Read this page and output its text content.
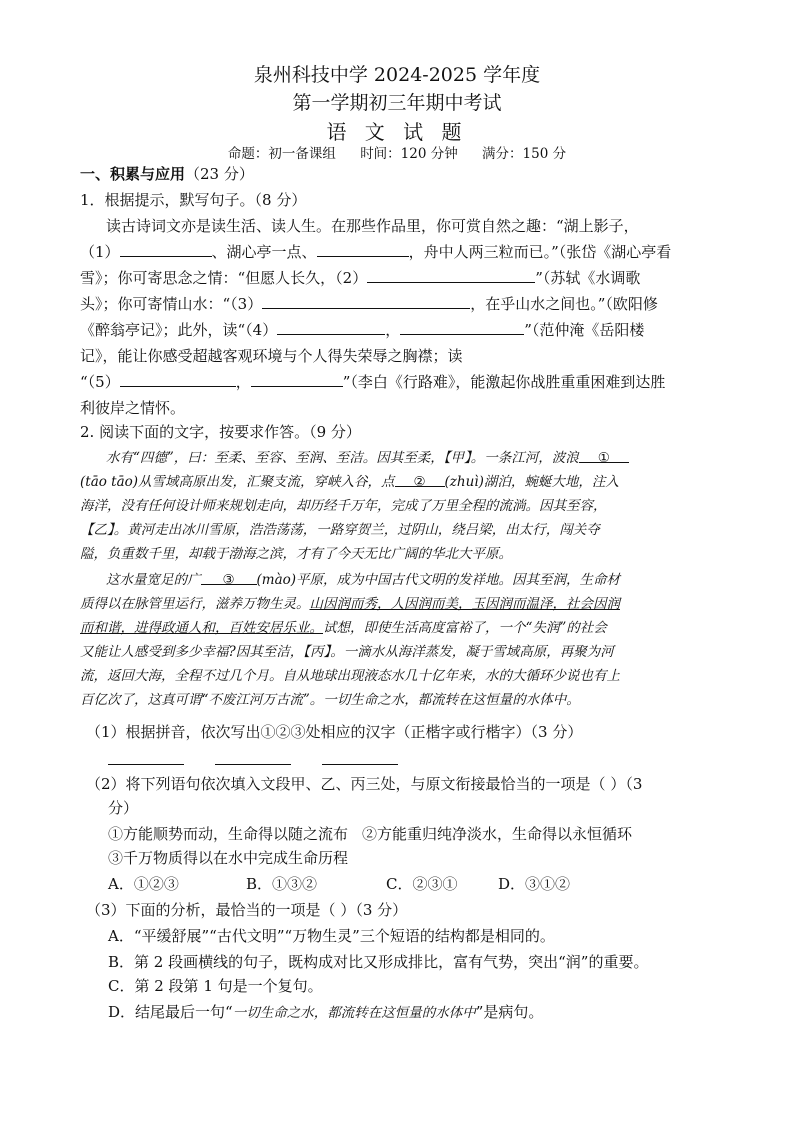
泉州科技中学 2024-2025 学年度
第一学期初三年期中考试
语 文 试 题
命题：初一备课组 时间：120 分钟 满分：150 分
一、积累与应用（23 分）
1．根据提示，默写句子。（8 分）
读古诗词文亦是读生活、读人生。在那些作品里，你可赏自然之趣：“湖上影子，
（1）	、湖心亭一点、	，舟中人两三粒而已。”（张岱《湖心亭看
雪》；你可寄思念之情：“但愿人长久，（2）	”（苏轼《水调歌
头》；你可寄情山水：“（3）	，在乎山水之间也。”（欧阳修
《醉翁亭记》；此外，读“（4）	，	”（范仲淹《岳阳楼
记》，能让你感受超越客观环境与个人得失荣辱之胸襟；读
“（5）	，	”（李白《行路难》，能激起你战胜重重困难到达胜
利彼岸之情怀。
2. 阅读下面的文字，按要求作答。（9 分）
水有“四德”，曰：至柔、至容、至润、至洁。因其至柔，【甲】。一条江河，波浪 ①
(tāo tāo)从雪域高原出发，汇聚支流，穿峡入谷，点 ② (zhuì)湖泊，蜿蜒大地，注入
海洋，没有任何设计师来规划走向，却历经千万年，完成了万里全程的流淌。因其至容，
【乙】。黄河走出冰川雪原，浩浩荡荡，一路穿贺兰，过阴山，绕吕梁，出太行，闯关夺
隘，负重数千里，却载于渤海之滨，才有了今天无比广阔的华北大平原。
这水量宽足的广 ③ (mào)平原，成为中国古代文明的发祥地。因其至润，生命材
质得以在脉管里运行，滋养万物生灵。山因润而秀，人因润而美，玉因润而温泽，社会因润
而和谐，进得政通人和，百姓安居乐业。试想，即使生活高度富裕了，一个“失润”的社会
又能让人感受到多少幸福?因其至洁，【丙】。一滴水从海洋蒸发，凝于雪域高原，再聚为河
流，返回大海，全程不过几个月。自从地球出现液态水几十亿年来，水的大循环少说也有上
百亿次了，这真可谓“不废江河万古流”。一切生命之水，都流转在这恒量的水体中。
（1）根据拼音，依次写出①②③处相应的汉字（正楷字或行楷字）（3 分）

（2）将下列语句依次填入文段甲、乙、丙三处，与原文衔接最恰当的一项是（ ）（3
分）
①方能顺势而动，生命得以随之流布 ②方能重归纯净淡水，生命得以永恒循环
③千万物质得以在水中完成生命历程
A．①②③	B．①③②	C．②③①	D．③①②
（3）下面的分析，最恰当的一项是（ ）（3 分）
A．“平缓舒展”“古代文明”“万物生灵”三个短语的结构都是相同的。
B．第 2 段画横线的句子，既构成对比又形成排比，富有气势，突出“润”的重要。
C．第 2 段第 1 句是一个复句。
D．结尾最后一句“一切生命之水，都流转在这恒量的水体中”是病句。
